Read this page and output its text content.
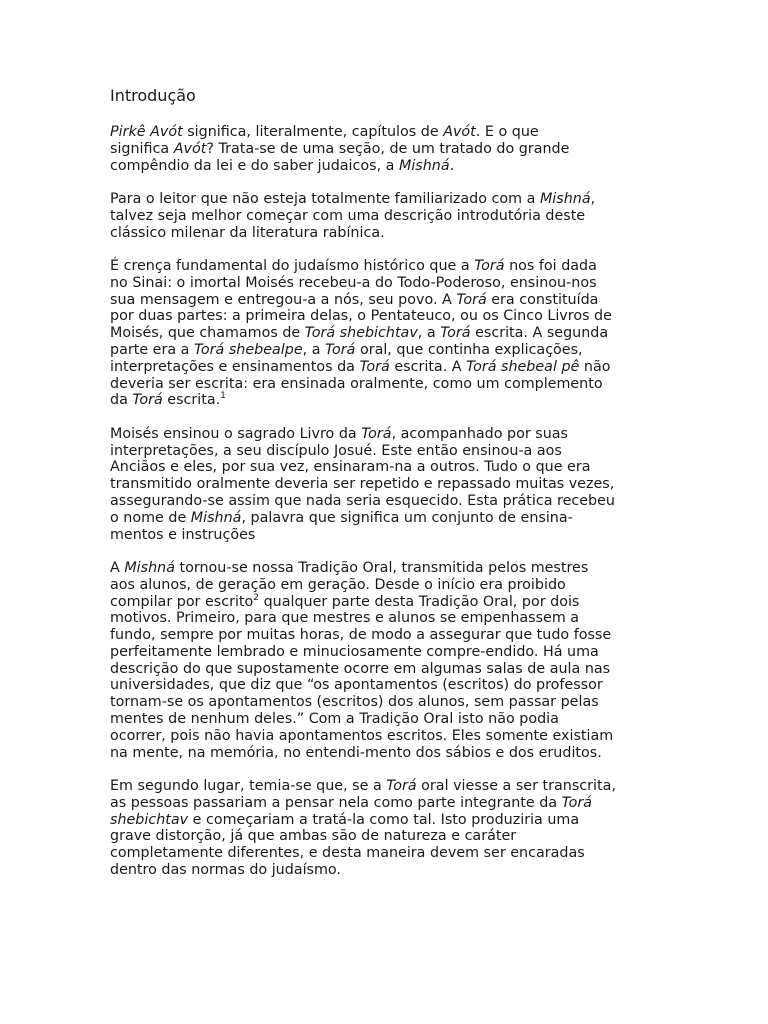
Introdução

Pirkê Avót significa, literalmente, capítulos de Avót. E o que
significa Avót? Trata-se de uma seção, de um tratado do grande
compêndio da lei e do saber judaicos, a Mishná.

Para o leitor que não esteja totalmente familiarizado com a Mishná,
talvez seja melhor começar com uma descrição introdutória deste
clássico milenar da literatura rabínica.

É crença fundamental do judaísmo histórico que a Torá nos foi dada
no Sinai: o imortal Moisés recebeu-a do Todo-Poderoso, ensinou-nos
sua mensagem e entregou-a a nós, seu povo. A Torá era constituída
por duas partes: a primeira delas, o Pentateuco, ou os Cinco Livros de
Moisés, que chamamos de Torá shebichtav, a Torá escrita. A segunda
parte era a Torá shebealpe, a Torá oral, que continha explicações,
interpretações e ensinamentos da Torá escrita. A Torá shebeal pê não
deveria ser escrita: era ensinada oralmente, como um complemento
da Torá escrita.$^1$

Moisés ensinou o sagrado Livro da Torá, acompanhado por suas
interpretações, a seu discípulo Josué. Este então ensinou-a aos
Anciãos e eles, por sua vez, ensinaram-na a outros. Tudo o que era
transmitido oralmente deveria ser repetido e repassado muitas vezes,
assegurando-se assim que nada seria esquecido. Esta prática recebeu
o nome de Mishná, palavra que significa um conjunto de ensina-
mentos e instruções

A Mishná tornou-se nossa Tradição Oral, transmitida pelos mestres
aos alunos, de geração em geração. Desde o início era proibido
compilar por escrito$^2$ qualquer parte desta Tradição Oral, por dois
motivos. Primeiro, para que mestres e alunos se empenhassem a
fundo, sempre por muitas horas, de modo a assegurar que tudo fosse
perfeitamente lembrado e minuciosamente compre-endido. Há uma
descrição do que supostamente ocorre em algumas salas de aula nas
universidades, que diz que “os apontamentos (escritos) do professor
tornam-se os apontamentos (escritos) dos alunos, sem passar pelas
mentes de nenhum deles.” Com a Tradição Oral isto não podia
ocorrer, pois não havia apontamentos escritos. Eles somente existiam
na mente, na memória, no entendi-mento dos sábios e dos eruditos.

Em segundo lugar, temia-se que, se a Torá oral viesse a ser transcrita,
as pessoas passariam a pensar nela como parte integrante da Torá
shebichtav e começariam a tratá-la como tal. Isto produziria uma
grave distorção, já que ambas são de natureza e caráter
completamente diferentes, e desta maneira devem ser encaradas
dentro das normas do judaísmo.
